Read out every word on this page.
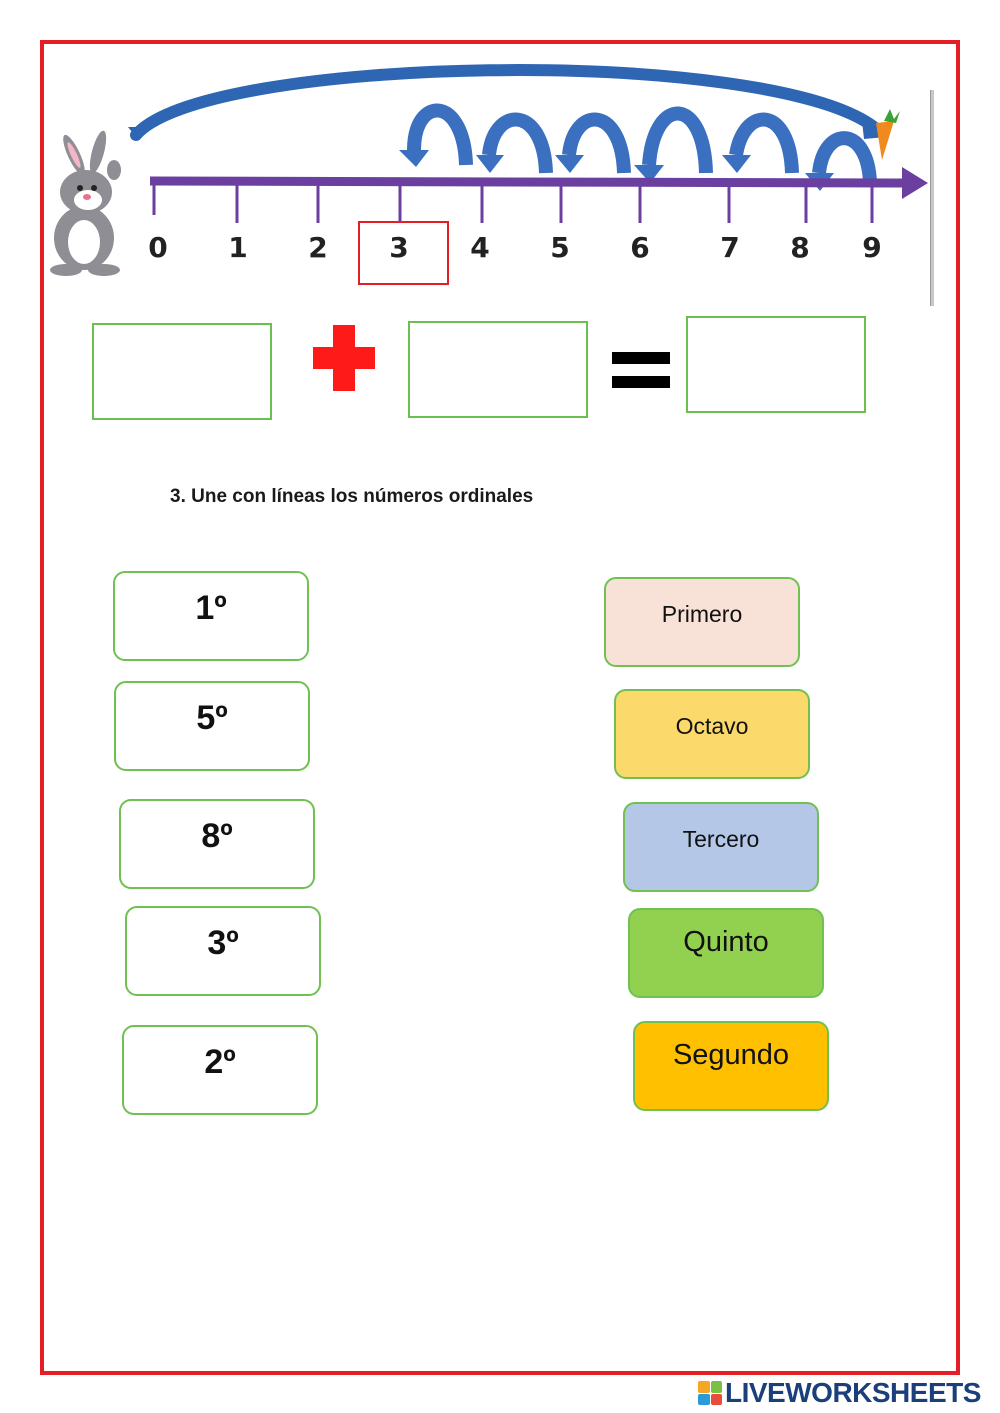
0 1 2 3 4 5 6	7 8 9
3. Une con líneas los números ordinales
1º
5º
8º
3º
2º
Primero
Octavo
Tercero
Quinto
Segundo
LIVEWORKSHEETS
